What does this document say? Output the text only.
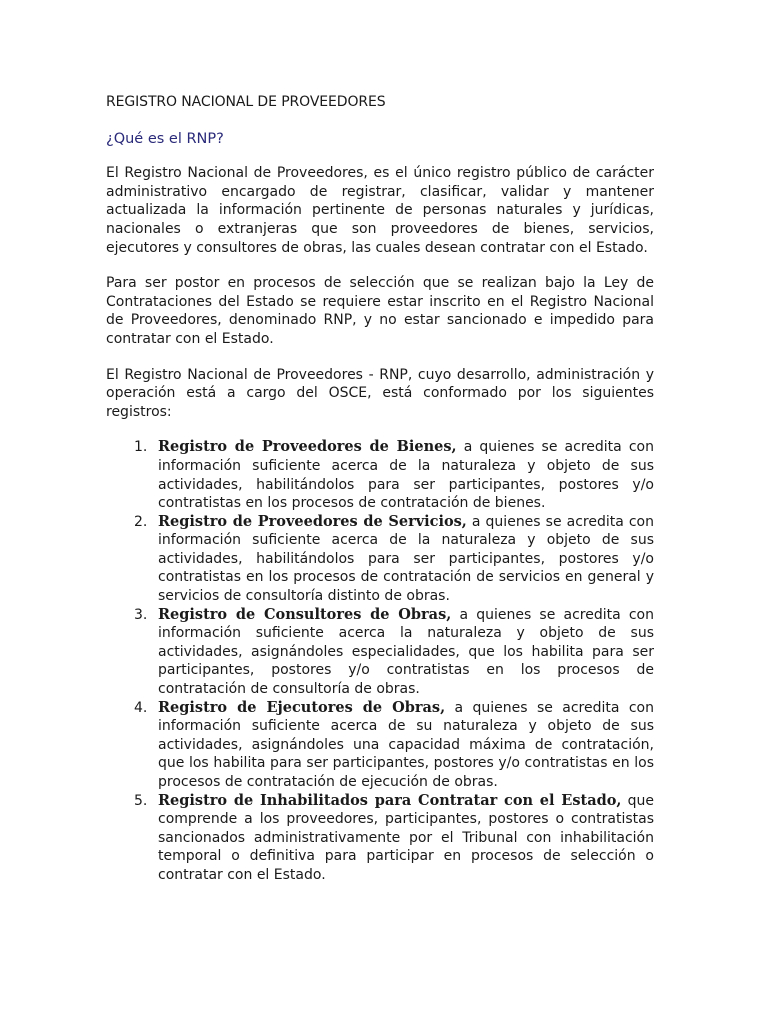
REGISTRO NACIONAL DE PROVEEDORES
¿Qué es el RNP?

El Registro Nacional de Proveedores, es el único registro público de carácter administrativo encargado de registrar, clasificar, validar y mantener actualizada la información pertinente de personas naturales y jurídicas, nacionales o extranjeras que son proveedores de bienes, servicios, ejecutores y consultores de obras, las cuales desean contratar con el Estado.

Para ser postor en procesos de selección que se realizan bajo la Ley de Contrataciones del Estado se requiere estar inscrito en el Registro Nacional de Proveedores, denominado RNP, y no estar sancionado e impedido para contratar con el Estado.

El Registro Nacional de Proveedores - RNP, cuyo desarrollo, administración y operación está a cargo del OSCE, está conformado por los siguientes registros:

1. Registro de Proveedores de Bienes, a quienes se acredita con información suficiente acerca de la naturaleza y objeto de sus actividades, habilitándolos para ser participantes, postores y/o contratistas en los procesos de contratación de bienes.
2. Registro de Proveedores de Servicios, a quienes se acredita con información suficiente acerca de la naturaleza y objeto de sus actividades, habilitándolos para ser participantes, postores y/o contratistas en los procesos de contratación de servicios en general y servicios de consultoría distinto de obras.
3. Registro de Consultores de Obras, a quienes se acredita con información suficiente acerca la naturaleza y objeto de sus actividades, asignándoles especialidades, que los habilita para ser participantes, postores y/o contratistas en los procesos de contratación de consultoría de obras.
4. Registro de Ejecutores de Obras, a quienes se acredita con información suficiente acerca de su naturaleza y objeto de sus actividades, asignándoles una capacidad máxima de contratación, que los habilita para ser participantes, postores y/o contratistas en los procesos de contratación de ejecución de obras.
5. Registro de Inhabilitados para Contratar con el Estado, que comprende a los proveedores, participantes, postores o contratistas sancionados administrativamente por el Tribunal con inhabilitación temporal o definitiva para participar en procesos de selección o contratar con el Estado.
